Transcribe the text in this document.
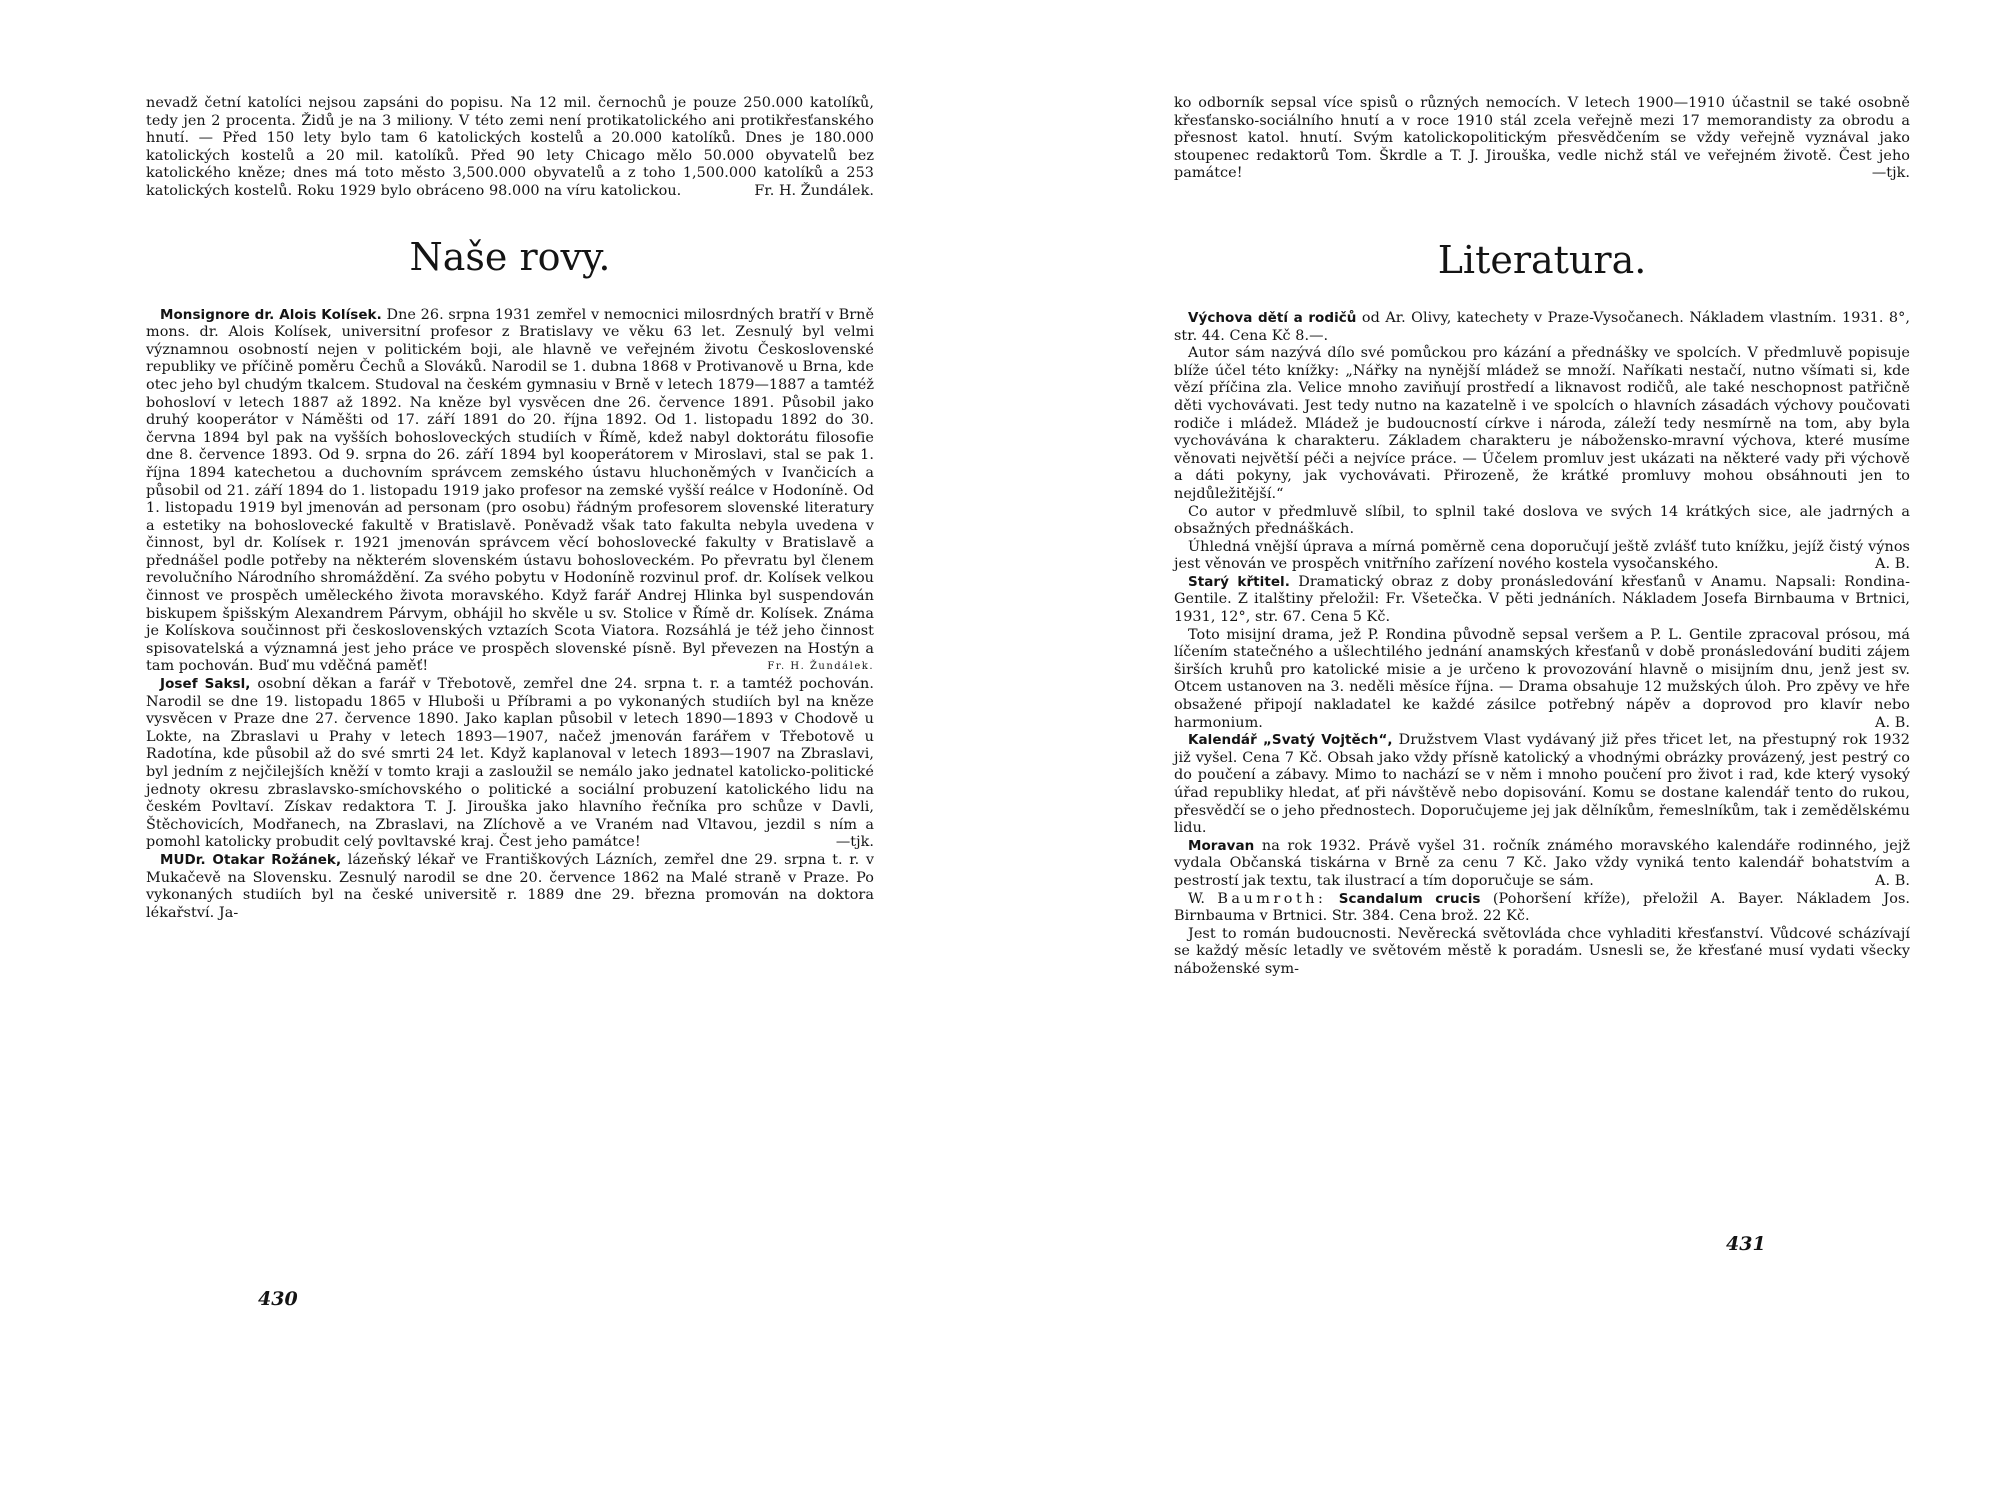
nevadž četní katolíci nejsou zapsáni do popisu. Na 12 mil. černochů je pouze 250.000 katolíků, tedy jen 2 procenta. Židů je na 3 miliony. V této zemi není protikatolického ani protikřesťanského hnutí. — Před 150 lety bylo tam 6 katolických kostelů a 20.000 katolíků. Dnes je 180.000 katolických kostelů a 20 mil. katolíků. Před 90 lety Chicago mělo 50.000 obyvatelů bez katolického kněze; dnes má toto město 3,500.000 obyvatelů a z toho 1,500.000 katolíků a 253 katolických kostelů. Roku 1929 bylo obráceno 98.000 na víru katolickou.	Fr. H. Žundálek.

Naše rovy.

Monsignore dr. Alois Kolísek. Dne 26. srpna 1931 zemřel v nemocnici milosrdných bratří v Brně mons. dr. Alois Kolísek, universitní profesor z Bratislavy ve věku 63 let. Zesnulý byl velmi významnou osobností nejen v politickém boji, ale hlavně ve veřejném životu Československé republiky ve příčině poměru Čechů a Slováků. Narodil se 1. dubna 1868 v Protivanově u Brna, kde otec jeho byl chudým tkalcem. Studoval na českém gymnasiu v Brně v letech 1879—1887 a tamtéž bohosloví v letech 1887 až 1892. Na kněze byl vysvěcen dne 26. července 1891. Působil jako druhý kooperátor v Náměšti od 17. září 1891 do 20. října 1892. Od 1. listopadu 1892 do 30. června 1894 byl pak na vyšších bohosloveckých studiích v Římě, kdež nabyl doktorátu filosofie dne 8. července 1893. Od 9. srpna do 26. září 1894 byl kooperátorem v Miroslavi, stal se pak 1. října 1894 katechetou a duchovním správcem zemského ústavu hluchoněmých v Ivančicích a působil od 21. září 1894 do 1. listopadu 1919 jako profesor na zemské vyšší reálce v Hodoníně. Od 1. listopadu 1919 byl jmenován ad personam (pro osobu) řádným profesorem slovenské literatury a estetiky na bohoslovecké fakultě v Bratislavě. Poněvadž však tato fakulta nebyla uvedena v činnost, byl dr. Kolísek r. 1921 jmenován správcem věcí bohoslovecké fakulty v Bratislavě a přednášel podle potřeby na některém slovenském ústavu bohosloveckém. Po převratu byl členem revolučního Národního shromáždění. Za svého pobytu v Hodoníně rozvinul prof. dr. Kolísek velkou činnost ve prospěch uměleckého života moravského. Když farář Andrej Hlinka byl suspendován biskupem špišským Alexandrem Párvym, obhájil ho skvěle u sv. Stolice v Římě dr. Kolísek. Známa je Kolískova součinnost při československých vztazích Scota Viatora. Rozsáhlá je též jeho činnost spisovatelská a významná jest jeho práce ve prospěch slovenské písně. Byl převezen na Hostýn a tam pochován. Buď mu vděčná paměť!	Fr. H. Žundálek.

Josef Saksl, osobní děkan a farář v Třebotově, zemřel dne 24. srpna t. r. a tamtéž pochován. Narodil se dne 19. listopadu 1865 v Hluboši u Příbrami a po vykonaných studiích byl na kněze vysvěcen v Praze dne 27. července 1890. Jako kaplan působil v letech 1890—1893 v Chodově u Lokte, na Zbraslavi u Prahy v letech 1893—1907, načež jmenován farářem v Třebotově u Radotína, kde působil až do své smrti 24 let. Když kaplanoval v letech 1893—1907 na Zbraslavi, byl jedním z nejčilejších kněží v tomto kraji a zasloužil se nemálo jako jednatel katolicko-politické jednoty okresu zbraslavsko-smíchovského o politické a sociální probuzení katolického lidu na českém Povltaví. Získav redaktora T. J. Jirouška jako hlavního řečníka pro schůze v Davli, Štěchovicích, Modřanech, na Zbraslavi, na Zlíchově a ve Vraném nad Vltavou, jezdil s ním a pomohl katolicky probudit celý povltavské kraj. Čest jeho památce!	—tjk.

MUDr. Otakar Rožánek, lázeňský lékař ve Františkových Lázních, zemřel dne 29. srpna t. r. v Mukačevě na Slovensku. Zesnulý narodil se dne 20. července 1862 na Malé straně v Praze. Po vykonaných studiích byl na české universitě r. 1889 dne 29. března promován na doktora lékařství. Ja-

430

ko odborník sepsal více spisů o různých nemocích. V letech 1900—1910 účastnil se také osobně křesťansko-sociálního hnutí a v roce 1910 stál zcela veřejně mezi 17 memorandisty za obrodu a přesnost katol. hnutí. Svým katolickopolitickým přesvědčením se vždy veřejně vyznával jako stoupenec redaktorů Tom. Škrdle a T. J. Jirouška, vedle nichž stál ve veřejném životě. Čest jeho památce!	—tjk.

Literatura.

Výchova dětí a rodičů od Ar. Olivy, katechety v Praze-Vysočanech. Nákladem vlastním. 1931. 8°, str. 44. Cena Kč 8.—.

Autor sám nazývá dílo své pomůckou pro kázání a přednášky ve spolcích. V předmluvě popisuje blíže účel této knížky: „Nářky na nynější mládež se množí. Naříkati nestačí, nutno všímati si, kde vězí příčina zla. Velice mnoho zaviňují prostředí a liknavost rodičů, ale také neschopnost patřičně děti vychovávati. Jest tedy nutno na kazatelně i ve spolcích o hlavních zásadách výchovy poučovati rodiče i mládež. Mládež je budoucností církve i národa, záleží tedy nesmírně na tom, aby byla vychovávána k charakteru. Základem charakteru je nábožensko-mravní výchova, které musíme věnovati největší péči a nejvíce práce. — Účelem promluv jest ukázati na některé vady při výchově a dáti pokyny, jak vychovávati. Přirozeně, že krátké promluvy mohou obsáhnouti jen to nejdůležitější.“

Co autor v předmluvě slíbil, to splnil také doslova ve svých 14 krátkých sice, ale jadrných a obsažných přednáškách.

Úhledná vnější úprava a mírná poměrně cena doporučují ještě zvlášť tuto knížku, jejíž čistý výnos jest věnován ve prospěch vnitřního zařízení nového kostela vysočanského.	A. B.

Starý křtitel. Dramatický obraz z doby pronásledování křesťanů v Anamu. Napsali: Rondina-Gentile. Z italštiny přeložil: Fr. Všetečka. V pěti jednáních. Nákladem Josefa Birnbauma v Brtnici, 1931, 12°, str. 67. Cena 5 Kč.

Toto misijní drama, jež P. Rondina původně sepsal veršem a P. L. Gentile zpracoval prósou, má líčením statečného a ušlechtilého jednání anamských křesťanů v době pronásledování buditi zájem širších kruhů pro katolické misie a je určeno k provozování hlavně o misijním dnu, jenž jest sv. Otcem ustanoven na 3. neděli měsíce října. — Drama obsahuje 12 mužských úloh. Pro zpěvy ve hře obsažené připojí nakladatel ke každé zásilce potřebný nápěv a doprovod pro klavír nebo harmonium.	A. B.

Kalendář „Svatý Vojtěch“, Družstvem Vlast vydávaný již přes třicet let, na přestupný rok 1932 již vyšel. Cena 7 Kč. Obsah jako vždy přísně katolický a vhodnými obrázky provázený, jest pestrý co do poučení a zábavy. Mimo to nachází se v něm i mnoho poučení pro život i rad, kde který vysoký úřad republiky hledat, ať při návštěvě nebo dopisování. Komu se dostane kalendář tento do rukou, přesvědčí se o jeho přednostech. Doporučujeme jej jak dělníkům, řemeslníkům, tak i zemědělskému lidu.

Moravan na rok 1932. Právě vyšel 31. ročník známého moravského kalendáře rodinného, jejž vydala Občanská tiskárna v Brně za cenu 7 Kč. Jako vždy vyniká tento kalendář bohatstvím a pestrostí jak textu, tak ilustrací a tím doporučuje se sám.	A. B.

W. Baumroth: Scandalum crucis (Pohoršení kříže), přeložil A. Bayer. Nákladem Jos. Birnbauma v Brtnici. Str. 384. Cena brož. 22 Kč.

Jest to román budoucnosti. Nevěrecká světovláda chce vyhladiti křesťanství. Vůdcové scházívají se každý měsíc letadly ve světovém městě k poradám. Usnesli se, že křesťané musí vydati všecky náboženské sym-

431
